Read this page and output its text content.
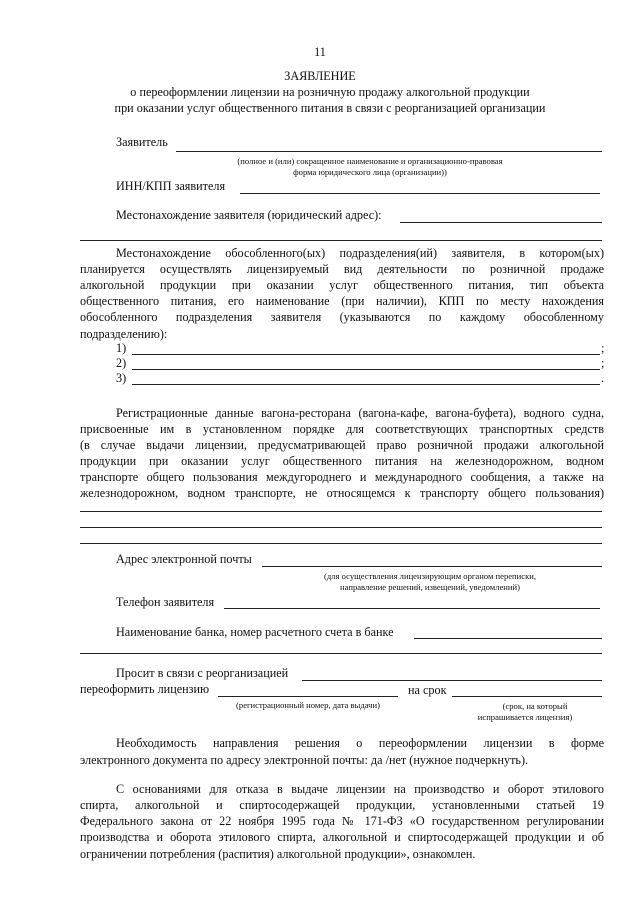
11
ЗАЯВЛЕНИЕ
о переоформлении лицензии на розничную продажу алкогольной продукции
при оказании услуг общественного питания в связи с реорганизацией организации
Заявитель
(полное и (или) сокращенное наименование и организационно-правовая
форма юридического лица (организации))
ИНН/КПП заявителя
Местонахождение заявителя (юридический адрес):
Местонахождение обособленного(ых) подразделения(ий) заявителя, в котором(ых)
планируется осуществлять лицензируемый вид деятельности по розничной продаже
алкогольной продукции при оказании услуг общественного питания, тип объекта
общественного питания, его наименование (при наличии), КПП по месту нахождения
обособленного подразделения заявителя (указываются по каждому обособленному
подразделению):
1)	;
2)	;
3)	.
Регистрационные данные вагона-ресторана (вагона-кафе, вагона-буфета), водного судна,
присвоенные им в установленном порядке для соответствующих транспортных средств
(в случае выдачи лицензии, предусматривающей право розничной продажи алкогольной
продукции при оказании услуг общественного питания на железнодорожном, водном
транспорте общего пользования междугороднего и международного сообщения, а также на
железнодорожном, водном транспорте, не относящемся к транспорту общего пользования)
Адрес электронной почты
(для осуществления лицензирующим органом переписки,
направление решений, извещений, уведомлений)
Телефон заявителя
Наименование банка, номер расчетного счета в банке
Просит в связи с реорганизацией
переоформить лицензию	на срок
(регистрационный номер, дата выдачи)	(срок, на который
испрашивается лицензия)
Необходимость направления решения о переоформлении лицензии в форме
электронного документа по адресу электронной почты: да /нет (нужное подчеркнуть).
С основаниями для отказа в выдаче лицензии на производство и оборот этилового
спирта, алкогольной и спиртосодержащей продукции, установленными статьей 19
Федерального закона от 22 ноября 1995 года № 171-ФЗ «О государственном регулировании
производства и оборота этилового спирта, алкогольной и спиртосодержащей продукции и об
ограничении потребления (распития) алкогольной продукции», ознакомлен.
